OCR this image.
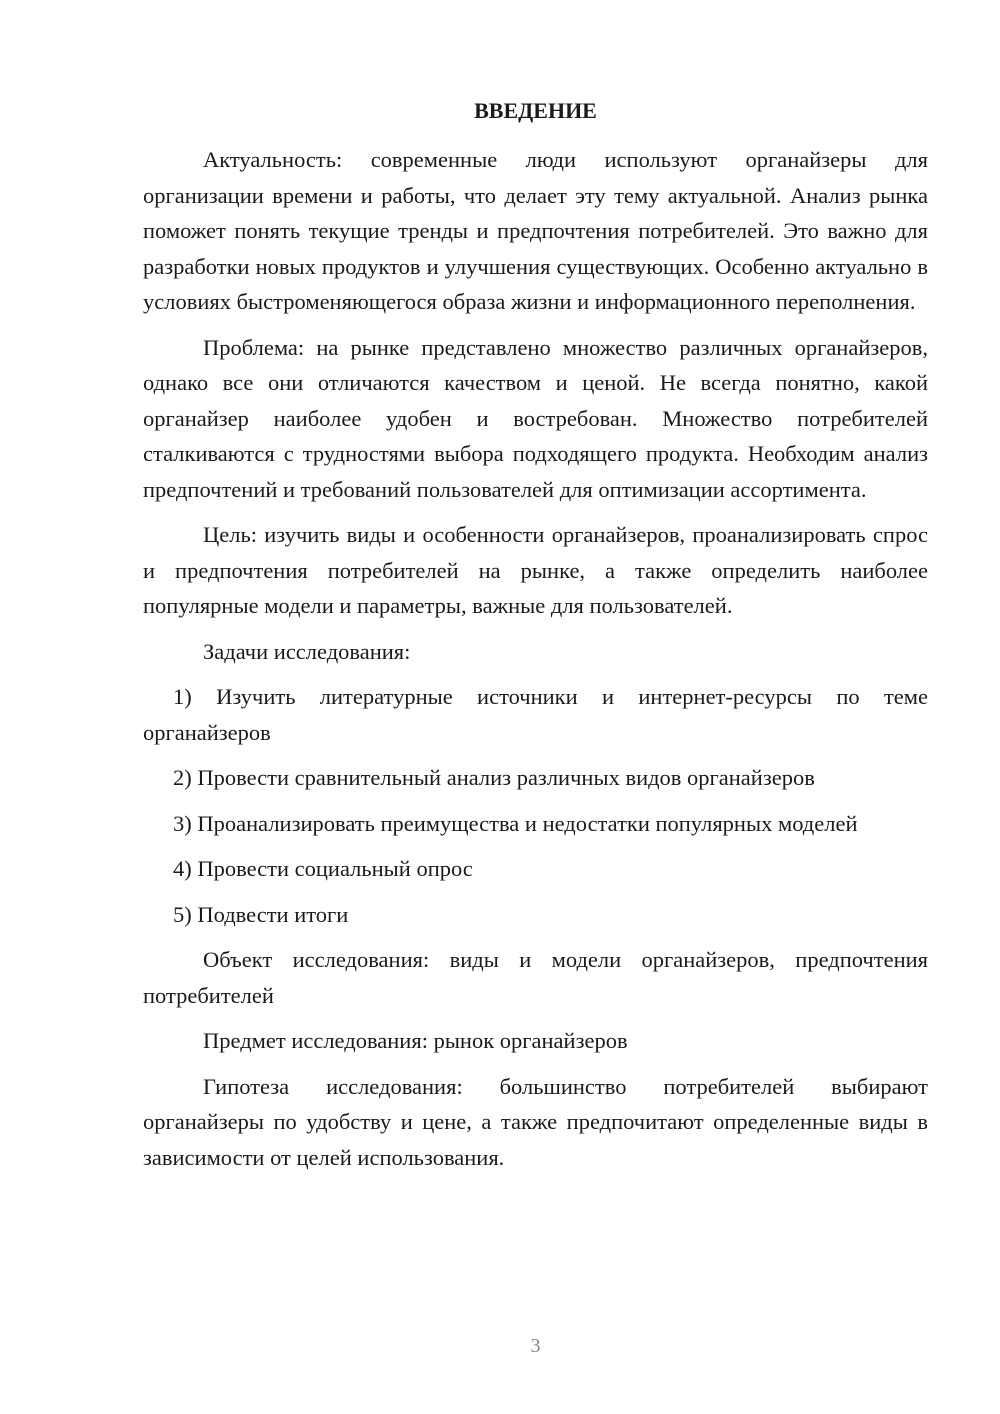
ВВЕДЕНИЕ

Актуальность: современные люди используют органайзеры для организации времени и работы, что делает эту тему актуальной. Анализ рынка поможет понять текущие тренды и предпочтения потребителей. Это важно для разработки новых продуктов и улучшения существующих. Особенно актуально в условиях быстроменяющегося образа жизни и информационного переполнения.

Проблема: на рынке представлено множество различных органайзеров, однако все они отличаются качеством и ценой. Не всегда понятно, какой органайзер наиболее удобен и востребован. Множество потребителей сталкиваются с трудностями выбора подходящего продукта. Необходим анализ предпочтений и требований пользователей для оптимизации ассортимента.

Цель: изучить виды и особенности органайзеров, проанализировать спрос и предпочтения потребителей на рынке, а также определить наиболее популярные модели и параметры, важные для пользователей.

Задачи исследования:

1) Изучить литературные источники и интернет-ресурсы по теме органайзеров

2) Провести сравнительный анализ различных видов органайзеров

3) Проанализировать преимущества и недостатки популярных моделей

4) Провести социальный опрос

5) Подвести итоги

Объект исследования: виды и модели органайзеров, предпочтения потребителей

Предмет исследования: рынок органайзеров

Гипотеза исследования: большинство потребителей выбирают органайзеры по удобству и цене, а также предпочитают определенные виды в зависимости от целей использования.

3
